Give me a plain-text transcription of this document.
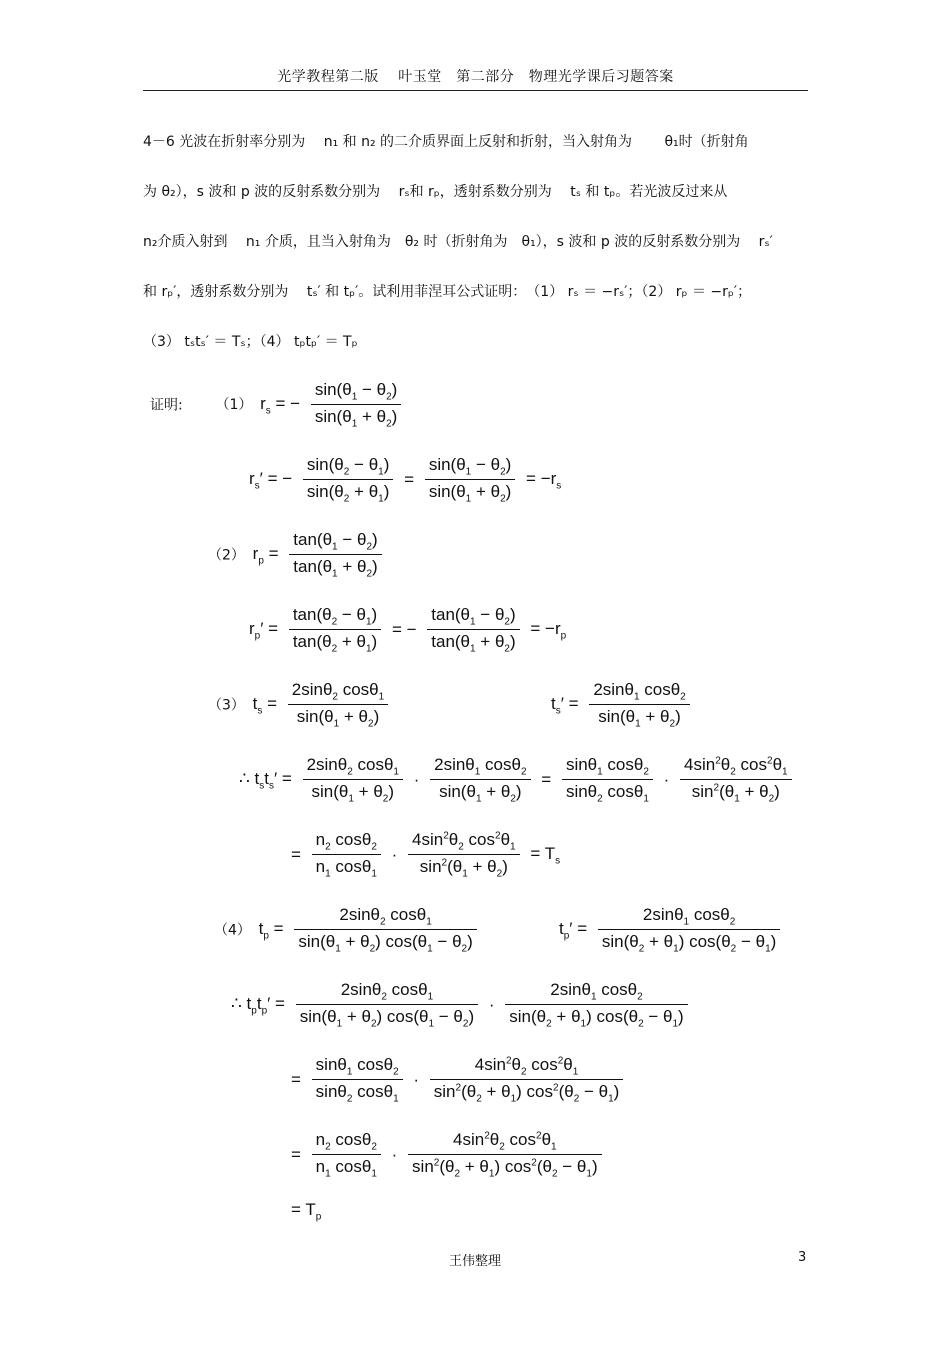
光学教程第二版　 叶玉堂　第二部分　物理光学课后习题答案
4－6 光波在折射率分别为　 n₁ 和 n₂ 的二介质界面上反射和折射，当入射角为　　 θ₁时（折射角
为 θ₂），s 波和 p 波的反射系数分别为　 rₛ和 rₚ，透射系数分别为　 tₛ 和 tₚ。若光波反过来从
n₂介质入射到　 n₁ 介质，且当入射角为　θ₂ 时（折射角为　θ₁），s 波和 p 波的反射系数分别为　 rₛ′
和 rₚ′，透射系数分别为　 tₛ′ 和 tₚ′。试利用菲涅耳公式证明：　（1） rₛ ＝ −rₛ′；（2） rₚ ＝ −rₚ′；
（3） tₛtₛ′ ＝ Tₛ；（4） tₚtₚ′ ＝ Tₚ
证明: （1） $r_s$ = − $\frac{\sin(\theta_1 - \theta_2)}{\sin(\theta_1 + \theta_2)}$
$r_s'$ = − $\frac{\sin(\theta_2 - \theta_1)}{\sin(\theta_2 + \theta_1)} = \frac{\sin(\theta_1 - \theta_2)}{\sin(\theta_1 + \theta_2)} = -r_s$
（2） $r_p = \frac{\tan(\theta_1 - \theta_2)}{\tan(\theta_1 + \theta_2)}$
$r_p' = \frac{\tan(\theta_2 - \theta_1)}{\tan(\theta_2 + \theta_1)}$ = − $\frac{\tan(\theta_1 - \theta_2)}{\tan(\theta_1 + \theta_2)} = -r_p$
（3） $t_s = \frac{2\sin\theta_2 \cos\theta_1}{\sin(\theta_1 + \theta_2)}$	$t_s' = \frac{2\sin\theta_1 \cos\theta_2}{\sin(\theta_1 + \theta_2)}$
∴ $t_st_s' = \frac{2\sin\theta_2 \cos\theta_1}{\sin(\theta_1 + \theta_2)} \cdot \frac{2\sin\theta_1 \cos\theta_2}{\sin(\theta_1 + \theta_2)} = \frac{\sin\theta_1 \cos\theta_2}{\sin\theta_2 \cos\theta_1} \cdot \frac{4\sin^2\theta_2 \cos^2\theta_1}{\sin^2(\theta_1 + \theta_2)}$
= $\frac{n_2 \cos\theta_2}{n_1 \cos\theta_1} \cdot \frac{4\sin^2\theta_2 \cos^2\theta_1}{\sin^2(\theta_1 + \theta_2)} = T_s$
（4） $t_p = \frac{2\sin\theta_2 \cos\theta_1}{\sin(\theta_1 + \theta_2) \cos(\theta_1 - \theta_2)}$	$t_p' = \frac{2\sin\theta_1 \cos\theta_2}{\sin(\theta_2 + \theta_1) \cos(\theta_2 - \theta_1)}$
∴ $t_pt_p' = \frac{2\sin\theta_2 \cos\theta_1}{\sin(\theta_1 + \theta_2) \cos(\theta_1 - \theta_2)} \cdot \frac{2\sin\theta_1 \cos\theta_2}{\sin(\theta_2 + \theta_1) \cos(\theta_2 - \theta_1)}$
= $\frac{\sin\theta_1 \cos\theta_2}{\sin\theta_2 \cos\theta_1} \cdot \frac{4\sin^2\theta_2 \cos^2\theta_1}{\sin^2(\theta_2 + \theta_1) \cos^2(\theta_2 - \theta_1)}$
= $\frac{n_2 \cos\theta_2}{n_1 \cos\theta_1} \cdot \frac{4\sin^2\theta_2 \cos^2\theta_1}{\sin^2(\theta_2 + \theta_1) \cos^2(\theta_2 - \theta_1)}$
= $T_p$
王伟整理	3
